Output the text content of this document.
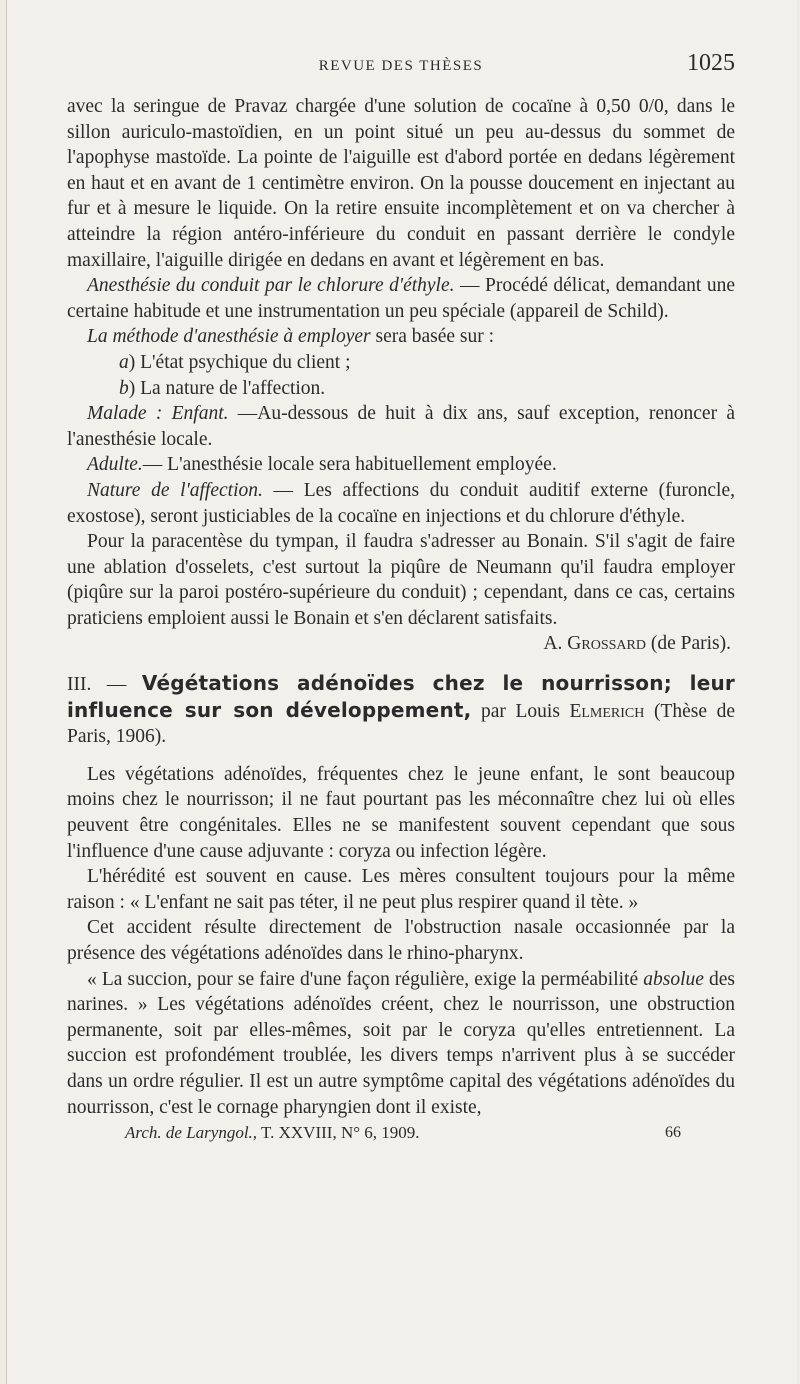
REVUE DES THÈSES	1025

avec la seringue de Pravaz chargée d'une solution de cocaïne à 0,50 0/0, dans le sillon auriculo-mastoïdien, en un point situé un peu au-dessus du sommet de l'apophyse mastoïde. La pointe de l'aiguille est d'abord portée en dedans légèrement en haut et en avant de 1 centimètre environ. On la pousse doucement en injectant au fur et à mesure le liquide. On la retire ensuite incomplètement et on va chercher à atteindre la région antéro-inférieure du conduit en passant derrière le condyle maxillaire, l'aiguille dirigée en dedans en avant et légèrement en bas.

Anesthésie du conduit par le chlorure d'éthyle. — Procédé délicat, demandant une certaine habitude et une instrumentation un peu spéciale (appareil de Schild).

La méthode d'anesthésie à employer sera basée sur :

a) L'état psychique du client ;

b) La nature de l'affection.

Malade : Enfant. —Au-dessous de huit à dix ans, sauf exception, renoncer à l'anesthésie locale.

Adulte.— L'anesthésie locale sera habituellement employée.

Nature de l'affection. — Les affections du conduit auditif externe (furoncle, exostose), seront justiciables de la cocaïne en injections et du chlorure d'éthyle.

Pour la paracentèse du tympan, il faudra s'adresser au Bonain. S'il s'agit de faire une ablation d'osselets, c'est surtout la piqûre de Neumann qu'il faudra employer (piqûre sur la paroi postéro-supérieure du conduit) ; cependant, dans ce cas, certains praticiens emploient aussi le Bonain et s'en déclarent satisfaits.

A. Grossard (de Paris).

III. — Végétations adénoïdes chez le nourrisson; leur influence sur son développement, par Louis Elmerich (Thèse de Paris, 1906).

Les végétations adénoïdes, fréquentes chez le jeune enfant, le sont beaucoup moins chez le nourrisson; il ne faut pourtant pas les méconnaître chez lui où elles peuvent être congénitales. Elles ne se manifestent souvent cependant que sous l'influence d'une cause adjuvante : coryza ou infection légère.

L'hérédité est souvent en cause. Les mères consultent toujours pour la même raison : « L'enfant ne sait pas téter, il ne peut plus respirer quand il tète. »

Cet accident résulte directement de l'obstruction nasale occasionnée par la présence des végétations adénoïdes dans le rhino-pharynx.

« La succion, pour se faire d'une façon régulière, exige la perméabilité absolue des narines. » Les végétations adénoïdes créent, chez le nourrisson, une obstruction permanente, soit par elles-mêmes, soit par le coryza qu'elles entretiennent. La succion est profondément troublée, les divers temps n'arrivent plus à se succéder dans un ordre régulier. Il est un autre symptôme capital des végétations adénoïdes du nourrisson, c'est le cornage pharyngien dont il existe,

Arch. de Laryngol., T. XXVIII, N° 6, 1909.	66
